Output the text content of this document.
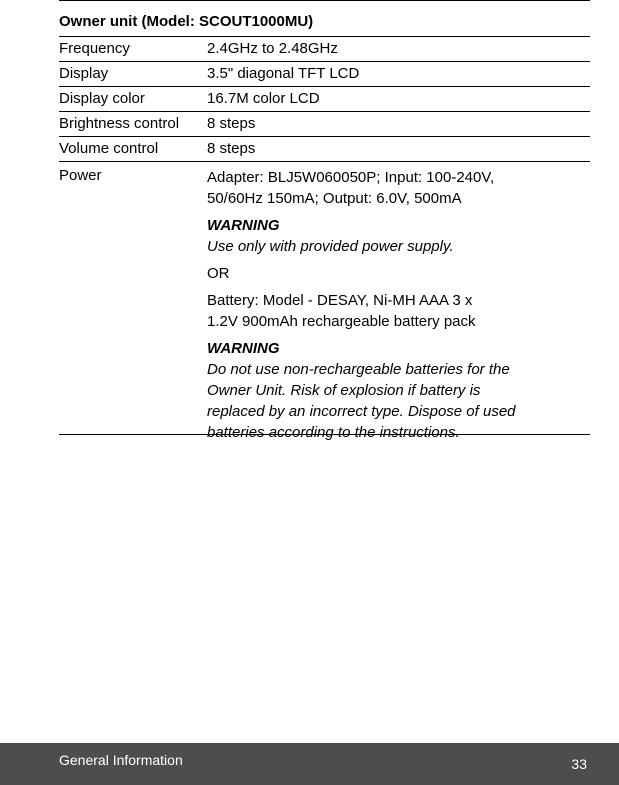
Owner unit (Model: SCOUT1000MU)
Frequency	2.4GHz to 2.48GHz
Display	3.5" diagonal TFT LCD
Display color	16.7M color LCD
Brightness control	8 steps
Volume control	8 steps
Power	Adapter: BLJ5W060050P; Input: 100-240V,

50/60Hz 150mA; Output: 6.0V, 500mA

WARNING

Use only with provided power supply.

OR

Battery: Model - DESAY, Ni-MH AAA 3 x

1.2V 900mAh rechargeable battery pack

WARNING

Do not use non-rechargeable batteries for the

Owner Unit. Risk of explosion if battery is

replaced by an incorrect type. Dispose of used

batteries according to the instructions.

General Information	33
